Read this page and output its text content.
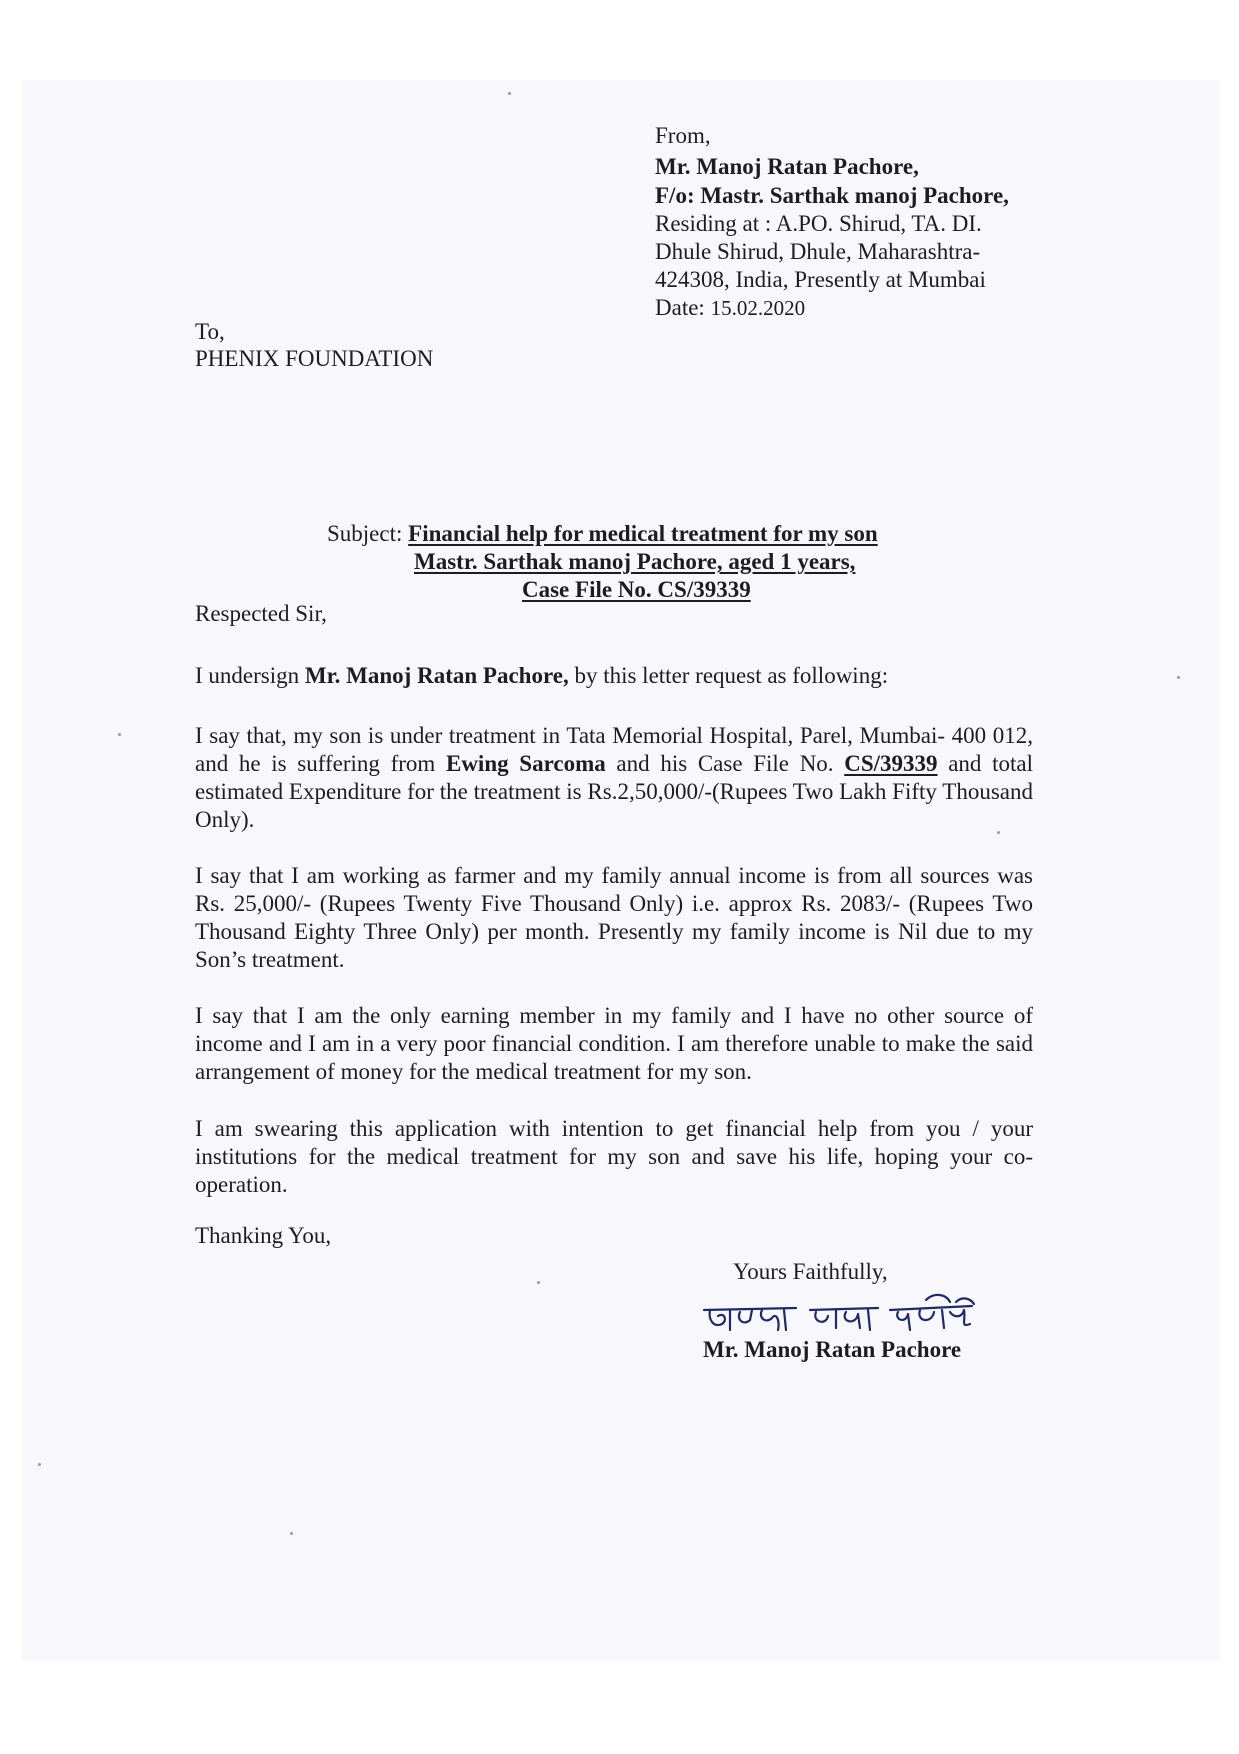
From,
Mr. Manoj Ratan Pachore,
F/o: Mastr. Sarthak manoj Pachore,
Residing at : A.PO. Shirud, TA. DI.
Dhule Shirud, Dhule, Maharashtra-
424308, India, Presently at Mumbai
Date: 15.02.2020
To,
PHENIX FOUNDATION
Subject: Financial help for medical treatment for my son
Mastr. Sarthak manoj Pachore, aged 1 years,
Case File No. CS/39339
Respected Sir,
I undersign Mr. Manoj Ratan Pachore, by this letter request as following:
I say that, my son is under treatment in Tata Memorial Hospital, Parel, Mumbai- 400 012, and he is suffering from Ewing Sarcoma and his Case File No. CS/39339 and total estimated Expenditure for the treatment is Rs.2,50,000/-(Rupees Two Lakh Fifty Thousand Only).
I say that I am working as farmer and my family annual income is from all sources was Rs. 25,000/- (Rupees Twenty Five Thousand Only) i.e. approx Rs. 2083/- (Rupees Two Thousand Eighty Three Only) per month. Presently my family income is Nil due to my Son’s treatment.
I say that I am the only earning member in my family and I have no other source of income and I am in a very poor financial condition. I am therefore unable to make the said arrangement of money for the medical treatment for my son.
I am swearing this application with intention to get financial help from you / your institutions for the medical treatment for my son and save his life, hoping your co-operation.
Thanking You,
Yours Faithfully,
Mr. Manoj Ratan Pachore
